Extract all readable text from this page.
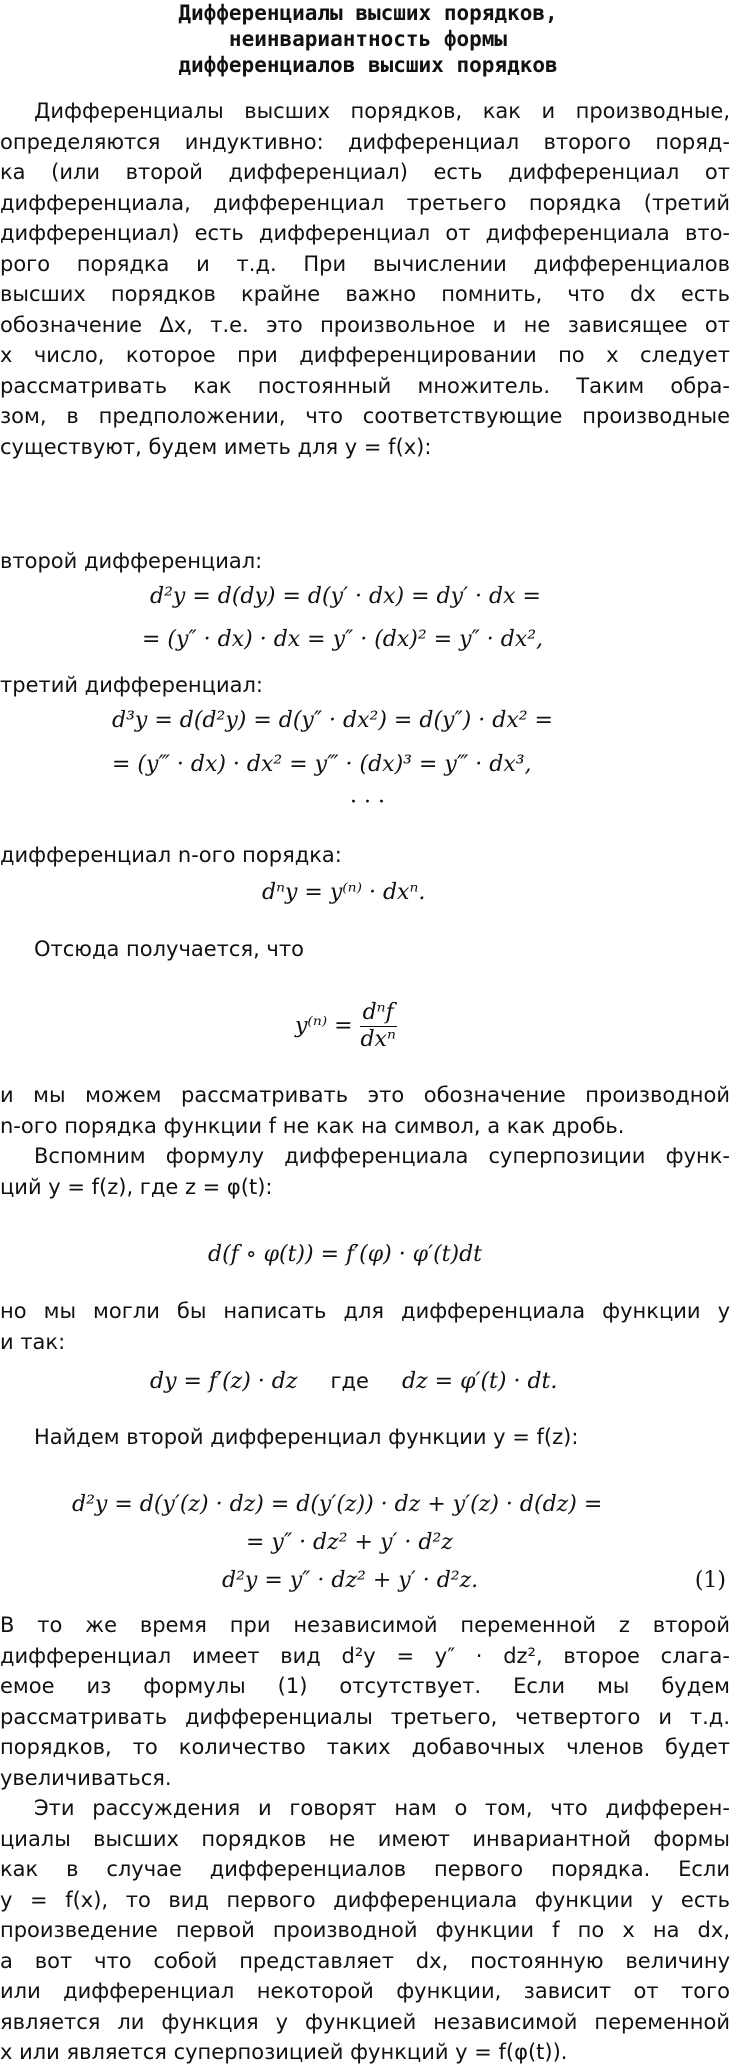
Дифференциалы высших порядков,
неинвариантность формы
дифференциалов высших порядков
Дифференциалы высших порядков, как и производные,
определяются индуктивно: дифференциал второго поряд-
ка (или второй дифференциал) есть дифференциал от
дифференциала, дифференциал третьего порядка (третий
дифференциал) есть дифференциал от дифференциала вто-
рого порядка и т.д. При вычислении дифференциалов
высших порядков крайне важно помнить, что dx есть
обозначение Δx, т.е. это произвольное и не зависящее от
x число, которое при дифференцировании по x следует
рассматривать как постоянный множитель. Таким обра-
зом, в предположении, что соответствующие производные
существуют, будем иметь для y = f(x):
второй дифференциал:
d²y = d(dy) = d(y′ · dx) = dy′ · dx =
= (y″ · dx) · dx = y″ · (dx)² = y″ · dx²,
третий дифференциал:
d³y = d(d²y) = d(y″ · dx²) = d(y″) · dx² =
= (y‴ · dx) · dx² = y‴ · (dx)³ = y‴ · dx³,
· · ·
дифференциал n-ого порядка:
dⁿy = y⁽ⁿ⁾ · dxⁿ.
Отсюда получается, что
$y^{(n)} = \frac{\text{dⁿf}}{\text{dxⁿ}}$
и мы можем рассматривать это обозначение производной
n-ого порядка функции f не как на символ, а как дробь.
Вспомним формулу дифференциала суперпозиции функ-
ций y = f(z), где z = φ(t):
d(f ∘ φ(t)) = f′(φ) · φ′(t)dt
но мы могли бы написать для дифференциала функции y
и так:
dy = f′(z) · dz где dz = φ′(t) · dt.
Найдем второй дифференциал функции y = f(z):
d²y = d(y′(z) · dz) = d(y′(z)) · dz + y′(z) · d(dz) =
= y″ · dz² + y′ · d²z
d²y = y″ · dz² + y′ · d²z.	(1)
В то же время при независимой переменной z второй
дифференциал имеет вид d²y = y″ · dz², второе слага-
емое из формулы (1) отсутствует. Если мы будем
рассматривать дифференциалы третьего, четвертого и т.д.
порядков, то количество таких добавочных членов будет
увеличиваться.
Эти рассуждения и говорят нам о том, что дифферен-
циалы высших порядков не имеют инвариантной формы
как в случае дифференциалов первого порядка. Если
y = f(x), то вид первого дифференциала функции y есть
произведение первой производной функции f по x на dx,
а вот что собой представляет dx, постоянную величину
или дифференциал некоторой функции, зависит от того
является ли функция y функцией независимой переменной
x или является суперпозицией функций y = f(φ(t)).
